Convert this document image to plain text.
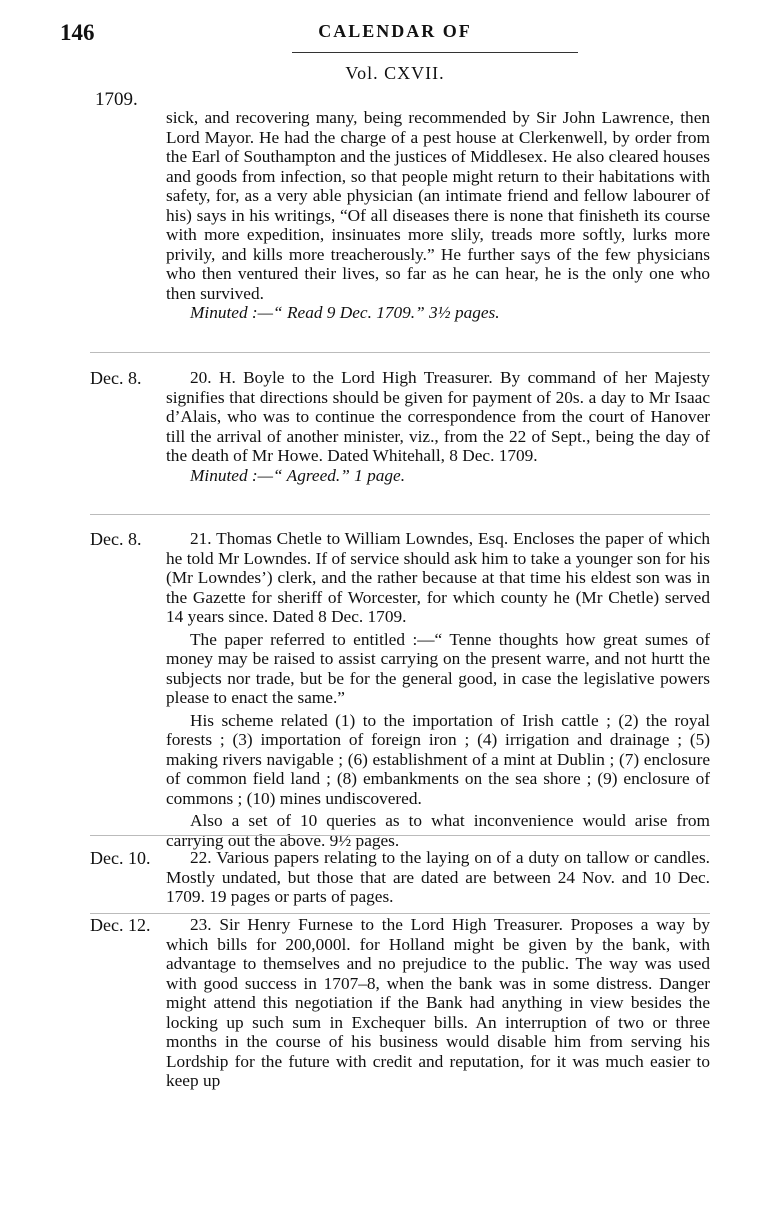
146	CALENDAR OF
Vol. CXVII.
1709.

sick, and recovering many, being recommended by Sir John Lawrence, then Lord Mayor. He had the charge of a pest house at Clerkenwell, by order from the Earl of Southampton and the justices of Middlesex. He also cleared houses and goods from infection, so that people might return to their habitations with safety, for, as a very able physician (an intimate friend and fellow labourer of his) says in his writings, “Of all diseases there is none that finisheth its course with more expedition, insinuates more slily, treads more softly, lurks more privily, and kills more treacherously.” He further says of the few physicians who then ventured their lives, so far as he can hear, he is the only one who then survived.

Minuted :—“ Read 9 Dec. 1709.” 3½ pages.

Dec. 8.	20. H. Boyle to the Lord High Treasurer. By command of her Majesty signifies that directions should be given for payment of 20s. a day to Mr Isaac d’Alais, who was to continue the correspondence from the court of Hanover till the arrival of another minister, viz., from the 22 of Sept., being the day of the death of Mr Howe. Dated Whitehall, 8 Dec. 1709.

Minuted :—“ Agreed.” 1 page.

Dec. 8.	21. Thomas Chetle to William Lowndes, Esq. Encloses the paper of which he told Mr Lowndes. If of service should ask him to take a younger son for his (Mr Lowndes’) clerk, and the rather because at that time his eldest son was in the Gazette for sheriff of Worcester, for which county he (Mr Chetle) served 14 years since. Dated 8 Dec. 1709.

The paper referred to entitled :—“ Tenne thoughts how great sumes of money may be raised to assist carrying on the present warre, and not hurtt the subjects nor trade, but be for the general good, in case the legislative powers please to enact the same.”

His scheme related (1) to the importation of Irish cattle ; (2) the royal forests ; (3) importation of foreign iron ; (4) irrigation and drainage ; (5) making rivers navigable ; (6) establishment of a mint at Dublin ; (7) enclosure of common field land ; (8) embankments on the sea shore ; (9) enclosure of commons ; (10) mines undiscovered.

Also a set of 10 queries as to what inconvenience would arise from carrying out the above. 9½ pages.

Dec. 10.	22. Various papers relating to the laying on of a duty on tallow or candles. Mostly undated, but those that are dated are between 24 Nov. and 10 Dec. 1709. 19 pages or parts of pages.

Dec. 12.	23. Sir Henry Furnese to the Lord High Treasurer. Proposes a way by which bills for 200,000l. for Holland might be given by the bank, with advantage to themselves and no prejudice to the public. The way was used with good success in 1707–8, when the bank was in some distress. Danger might attend this negotiation if the Bank had anything in view besides the locking up such sum in Exchequer bills. An interruption of two or three months in the course of his business would disable him from serving his Lordship for the future with credit and reputation, for it was much easier to keep up
